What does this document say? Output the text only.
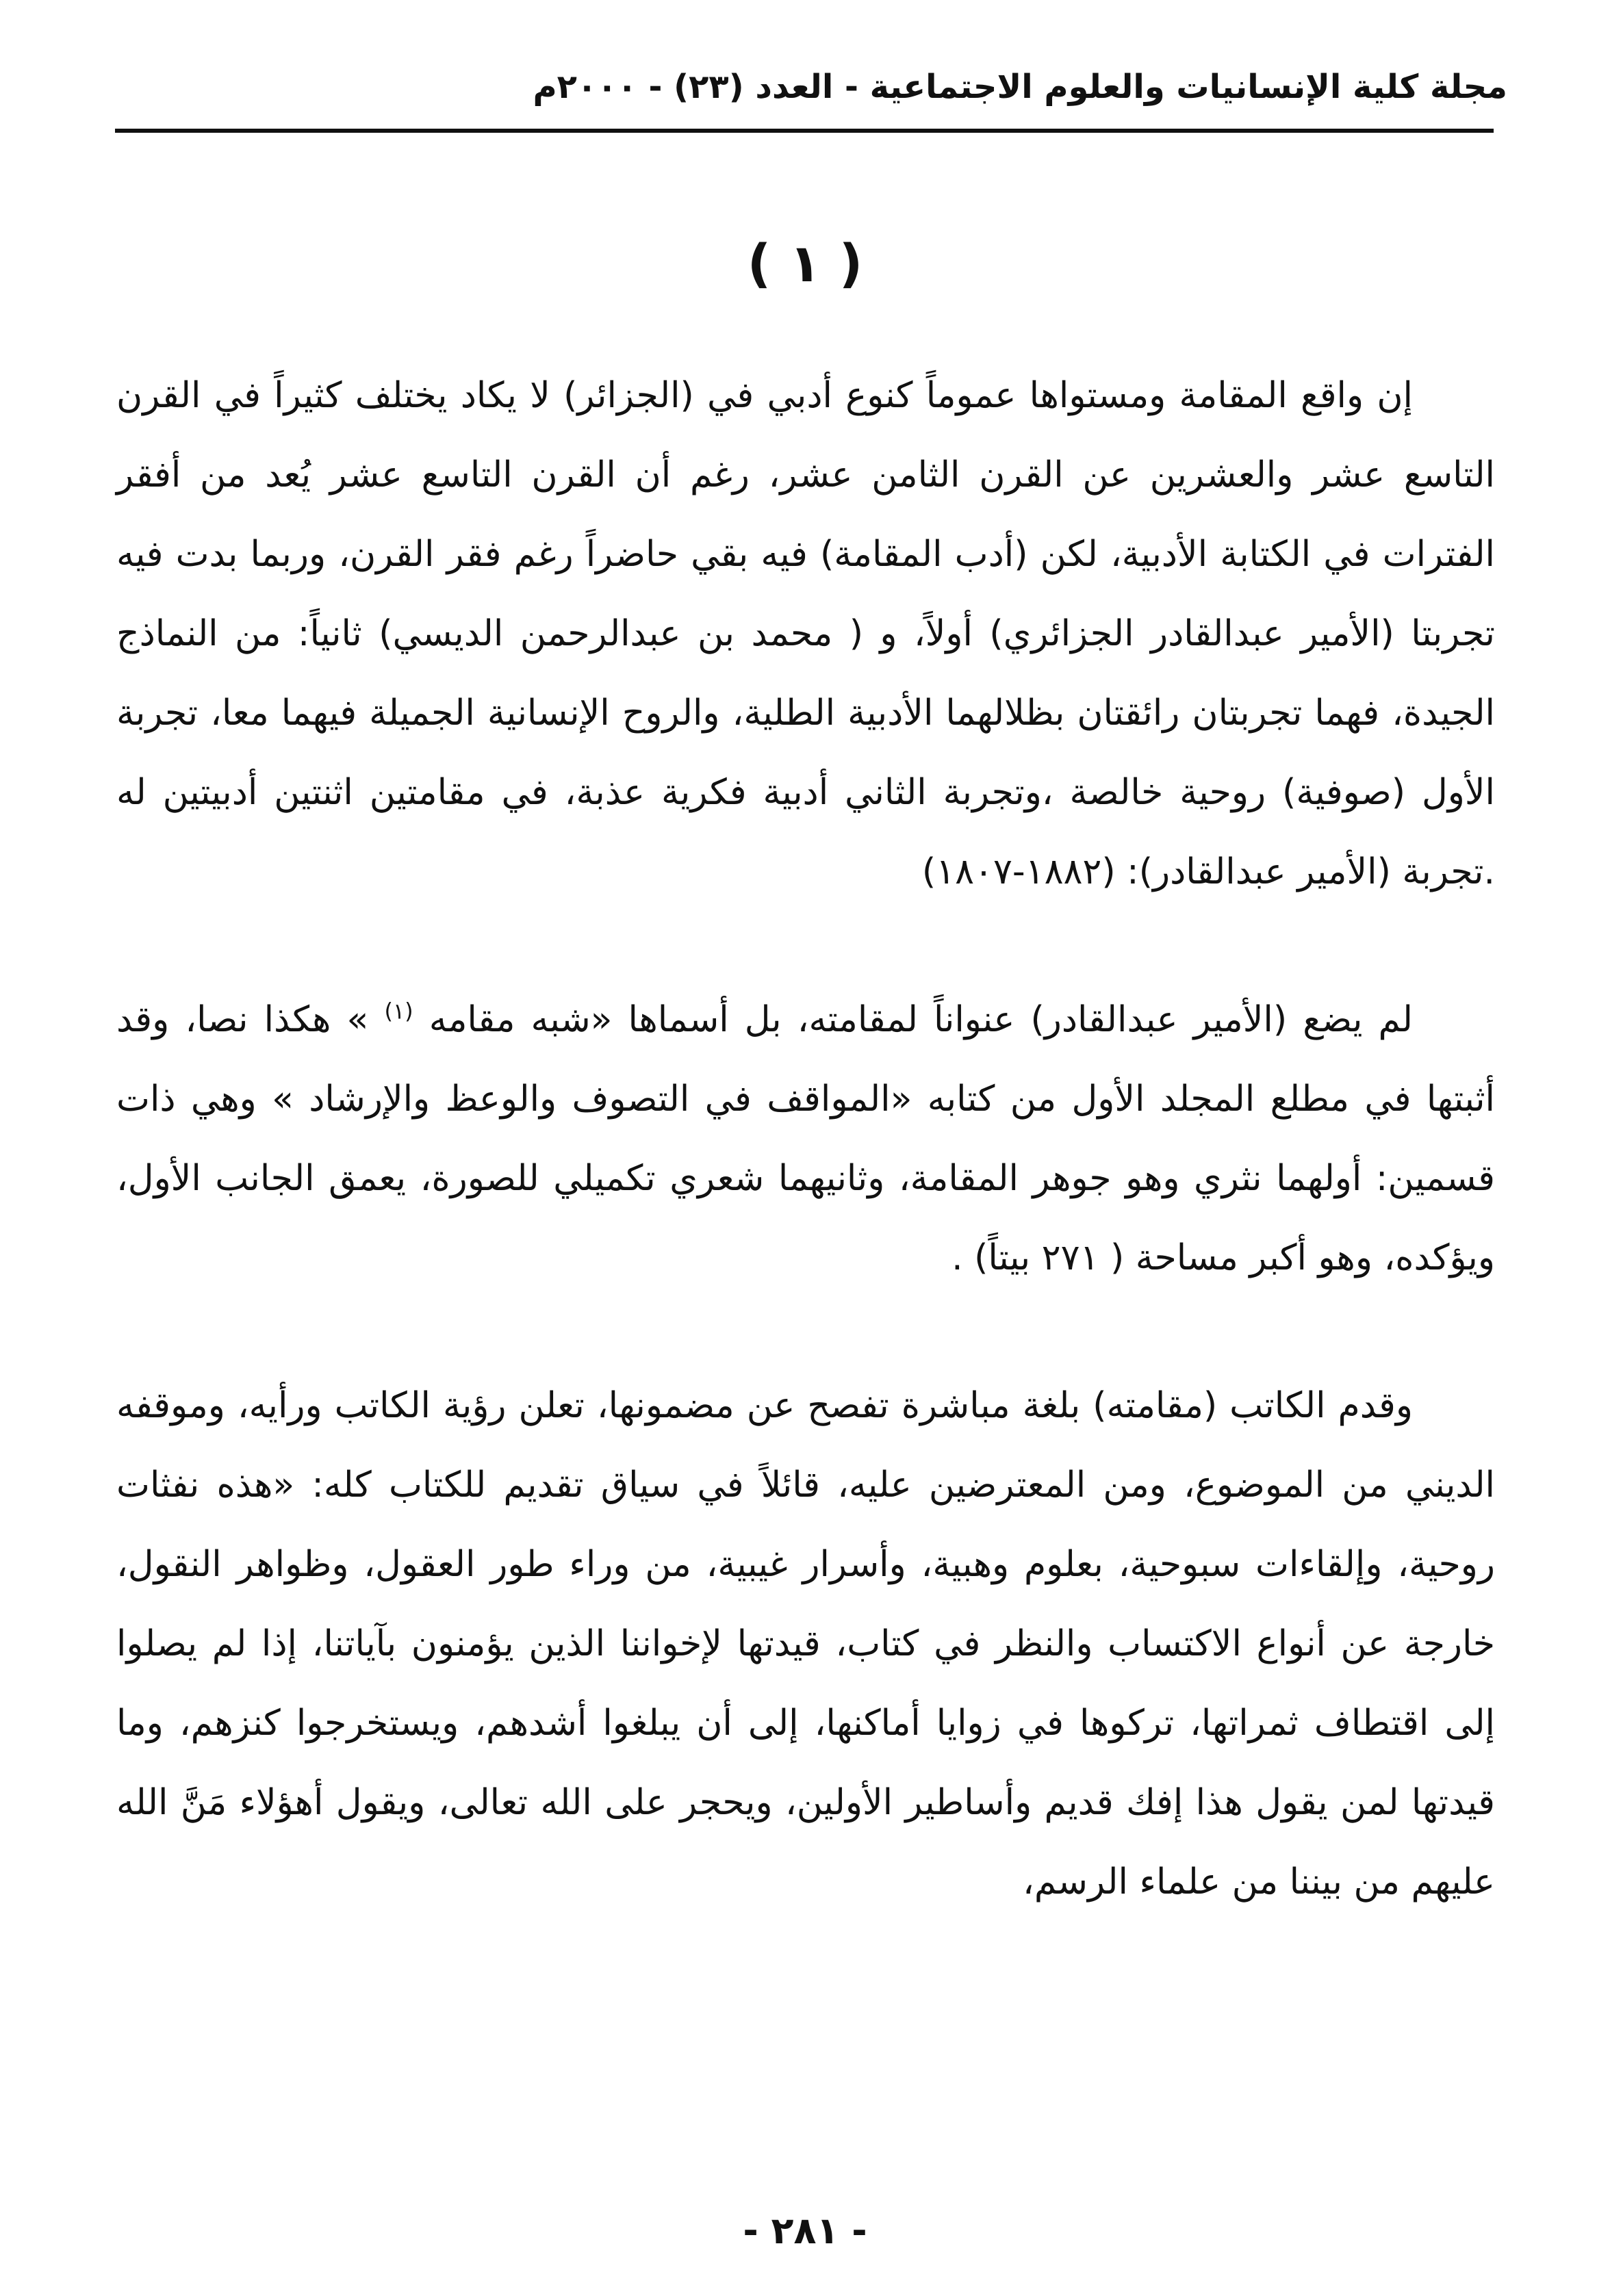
مجلة كلية الإنسانيات والعلوم الاجتماعية - العدد (٢٣) - ٢٠٠٠م
( ١ )

إن واقع المقامة ومستواها عموماً كنوع أدبي في (الجزائر) لا يكاد يختلف كثيراً في القرن التاسع عشر والعشرين عن القرن الثامن عشر، رغم أن القرن التاسع عشر يُعد من أفقر الفترات في الكتابة الأدبية، لكن (أدب المقامة) فيه بقي حاضراً رغم فقر القرن، وربما بدت فيه تجربتا (الأمير عبدالقادر الجزائري) أولاً، و ( محمد بن عبدالرحمن الديسي) ثانياً: من النماذج الجيدة، فهما تجربتان رائقتان بظلالهما الأدبية الطلية، والروح الإنسانية الجميلة فيهما معا، تجربة الأول (صوفية) روحية خالصة ،وتجربة الثاني أدبية فكرية عذبة، في مقامتين اثنتين أدبيتين له .تجربة (الأمير عبدالقادر): (١٨٨٢-١٨٠٧)

لم يضع (الأمير عبدالقادر) عنواناً لمقامته، بل أسماها «شبه مقامه $^{(١)}$ » هكذا نصا، وقد أثبتها في مطلع المجلد الأول من كتابه «المواقف في التصوف والوعظ والإرشاد » وهي ذات قسمين: أولهما نثري وهو جوهر المقامة، وثانيهما شعري تكميلي للصورة، يعمق الجانب الأول، ويؤكده، وهو أكبر مساحة ( ٢٧١ بيتاً) .

وقدم الكاتب (مقامته) بلغة مباشرة تفصح عن مضمونها، تعلن رؤية الكاتب ورأيه، وموقفه الديني من الموضوع، ومن المعترضين عليه، قائلاً في سياق تقديم للكتاب كله: «هذه نفثات روحية، وإلقاءات سبوحية، بعلوم وهبية، وأسرار غيبية، من وراء طور العقول، وظواهر النقول، خارجة عن أنواع الاكتساب والنظر في كتاب، قيدتها لإخواننا الذين يؤمنون بآياتنا، إذا لم يصلوا إلى اقتطاف ثمراتها، تركوها في زوايا أماكنها، إلى أن يبلغوا أشدهم، ويستخرجوا كنزهم، وما قيدتها لمن يقول هذا إفك قديم وأساطير الأولين، ويحجر على الله تعالى، ويقول أهؤلاء مَنَّ الله عليهم من بيننا من علماء الرسم،

- ٢٨١ -
